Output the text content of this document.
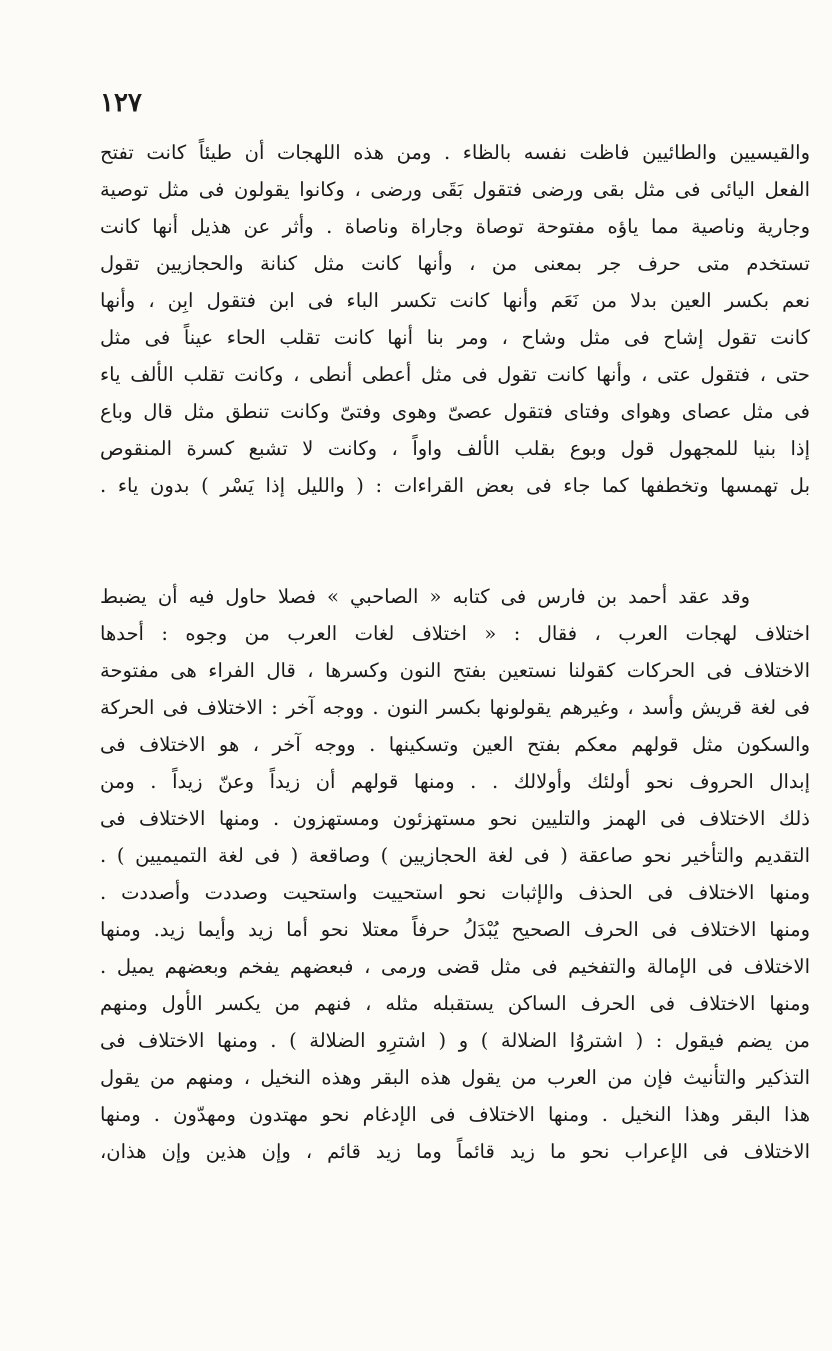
١٢٧
والقيسيين والطائيين فاظت نفسه بالظاء . ومن هذه اللهجات أن طيئاً كانت تفتح
الفعل اليائى فى مثل بقى ورضى فتقول بَقَى ورضى ، وكانوا يقولون فى مثل توصية
وجارية وناصية مما ياؤه مفتوحة توصاة وجاراة وناصاة . وأثر عن هذيل أنها كانت
تستخدم متى حرف جر بمعنى من ، وأنها كانت مثل كنانة والحجازيين تقول
نعم بكسر العين بدلا من نَعَم وأنها كانت تكسر الباء فى ابن فتقول ابِن ، وأنها
كانت تقول إشاح فى مثل وشاح ، ومر بنا أنها كانت تقلب الحاء عيناً فى مثل
حتى ، فتقول عتى ، وأنها كانت تقول فى مثل أعطى أنطى ، وكانت تقلب الألف ياء
فى مثل عصاى وهواى وفتاى فتقول عصىّ وهوى وفتىّ وكانت تنطق مثل قال وباع
إذا بنيا للمجهول قول وبوع بقلب الألف واواً ، وكانت لا تشبع كسرة المنقوص
بل تهمسها وتخطفها كما جاء فى بعض القراءات : ( والليل إذا يَسْر ) بدون ياء .
وقد عقد أحمد بن فارس فى كتابه « الصاحبي » فصلا حاول فيه أن يضبط
اختلاف لهجات العرب ، فقال : « اختلاف لغات العرب من وجوه : أحدها
الاختلاف فى الحركات كقولنا نستعين بفتح النون وكسرها ، قال الفراء هى مفتوحة
فى لغة قريش وأسد ، وغيرهم يقولونها بكسر النون . ووجه آخر : الاختلاف فى الحركة
والسكون مثل قولهم معكم بفتح العين وتسكينها . ووجه آخر ، هو الاختلاف فى
إبدال الحروف نحو أولئك وأولالك . . ومنها قولهم أن زيداً وعنّ زيداً . ومن
ذلك الاختلاف فى الهمز والتليين نحو مستهزئون ومستهزون . ومنها الاختلاف فى
التقديم والتأخير نحو صاعقة ( فى لغة الحجازيين ) وصاقعة ( فى لغة التميميين ) .
ومنها الاختلاف فى الحذف والإثبات نحو استحييت واستحيت وصددت وأصددت .
ومنها الاختلاف فى الحرف الصحيح يُبْدَلُ حرفاً معتلا نحو أما زيد وأيما زيد. ومنها
الاختلاف فى الإمالة والتفخيم فى مثل قضى ورمى ، فبعضهم يفخم وبعضهم يميل .
ومنها الاختلاف فى الحرف الساكن يستقبله مثله ، فنهم من يكسر الأول ومنهم
من يضم فيقول : ( اشتروُا الضلالة ) و ( اشترِو الضلالة ) . ومنها الاختلاف فى
التذكير والتأنيث فإن من العرب من يقول هذه البقر وهذه النخيل ، ومنهم من يقول
هذا البقر وهذا النخيل . ومنها الاختلاف فى الإدغام نحو مهتدون ومهدّون . ومنها
الاختلاف فى الإعراب نحو ما زيد قائماً وما زيد قائم ، وإن هذين وإن هذان،
